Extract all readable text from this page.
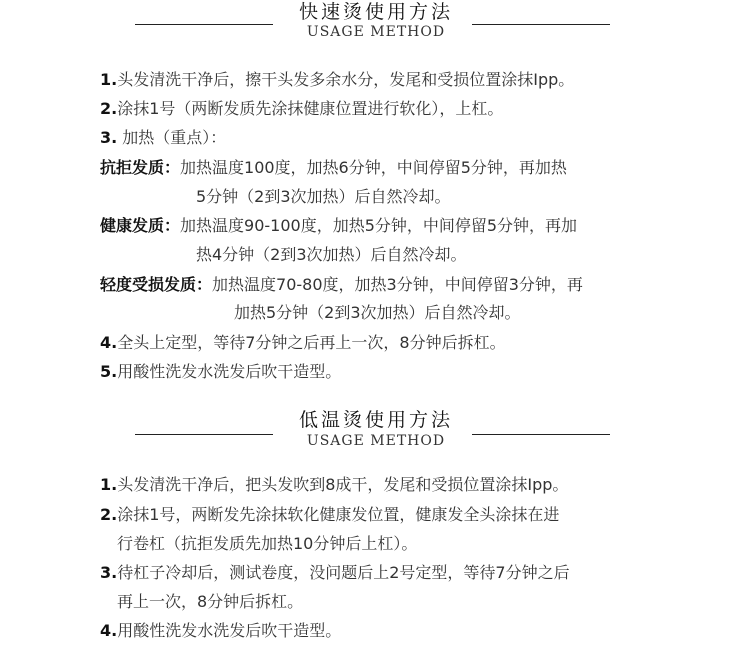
快速烫使用方法
USAGE METHOD
1.头发清洗干净后，擦干头发多余水分，发尾和受损位置涂抹Ipp。
2.涂抹1号（两断发质先涂抹健康位置进行软化），上杠。
3. 加热（重点）：
抗拒发质：加热温度100度，加热6分钟，中间停留5分钟，再加热
5分钟（2到3次加热）后自然冷却。
健康发质：加热温度90-100度，加热5分钟，中间停留5分钟，再加
热4分钟（2到3次加热）后自然冷却。
轻度受损发质：加热温度70-80度，加热3分钟，中间停留3分钟，再
加热5分钟（2到3次加热）后自然冷却。
4.全头上定型，等待7分钟之后再上一次，8分钟后拆杠。
5.用酸性洗发水洗发后吹干造型。
低温烫使用方法
USAGE METHOD
1.头发清洗干净后，把头发吹到8成干，发尾和受损位置涂抹Ipp。
2.涂抹1号，两断发先涂抹软化健康发位置，健康发全头涂抹在进
行卷杠（抗拒发质先加热10分钟后上杠）。
3.待杠子冷却后，测试卷度，没问题后上2号定型，等待7分钟之后
再上一次，8分钟后拆杠。
4.用酸性洗发水洗发后吹干造型。
